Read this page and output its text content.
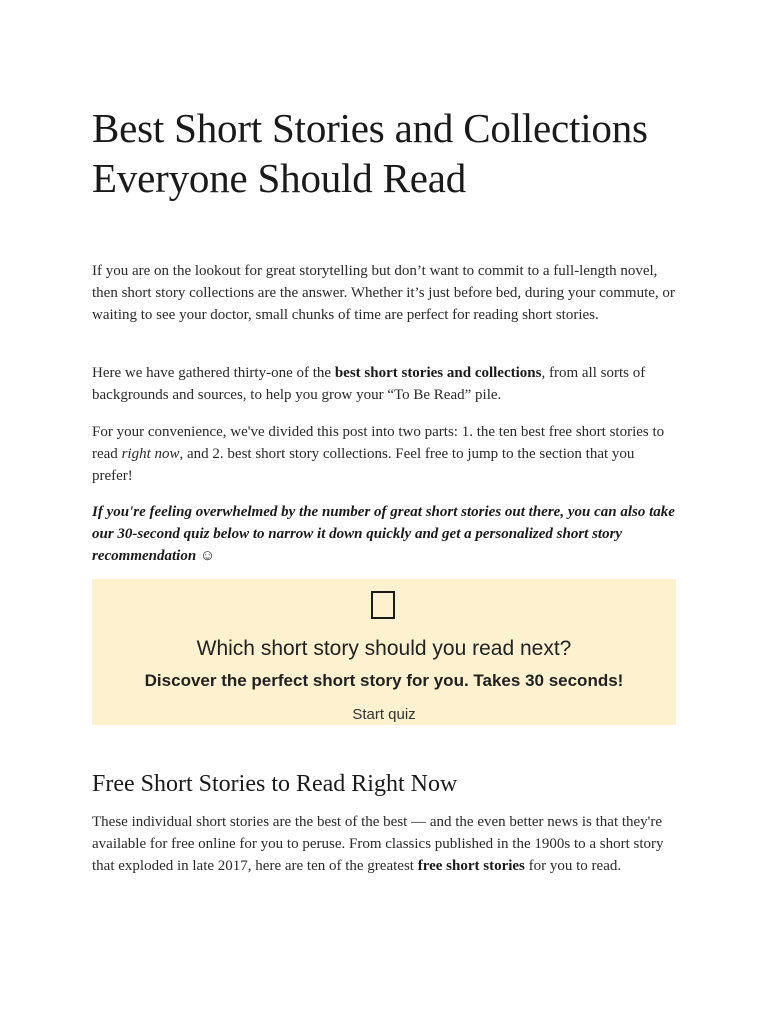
Best Short Stories and Collections Everyone Should Read

If you are on the lookout for great storytelling but don’t want to commit to a full-length novel, then short story collections are the answer. Whether it’s just before bed, during your commute, or waiting to see your doctor, small chunks of time are perfect for reading short stories.

Here we have gathered thirty-one of the best short stories and collections, from all sorts of backgrounds and sources, to help you grow your “To Be Read” pile.

For your convenience, we've divided this post into two parts: 1. the ten best free short stories to read right now, and 2. best short story collections. Feel free to jump to the section that you prefer!

If you're feeling overwhelmed by the number of great short stories out there, you can also take our 30-second quiz below to narrow it down quickly and get a personalized short story recommendation ☺

Which short story should you read next?
Discover the perfect short story for you. Takes 30 seconds!
Start quiz
Free Short Stories to Read Right Now

These individual short stories are the best of the best — and the even better news is that they're available for free online for you to peruse. From classics published in the 1900s to a short story that exploded in late 2017, here are ten of the greatest free short stories for you to read.
